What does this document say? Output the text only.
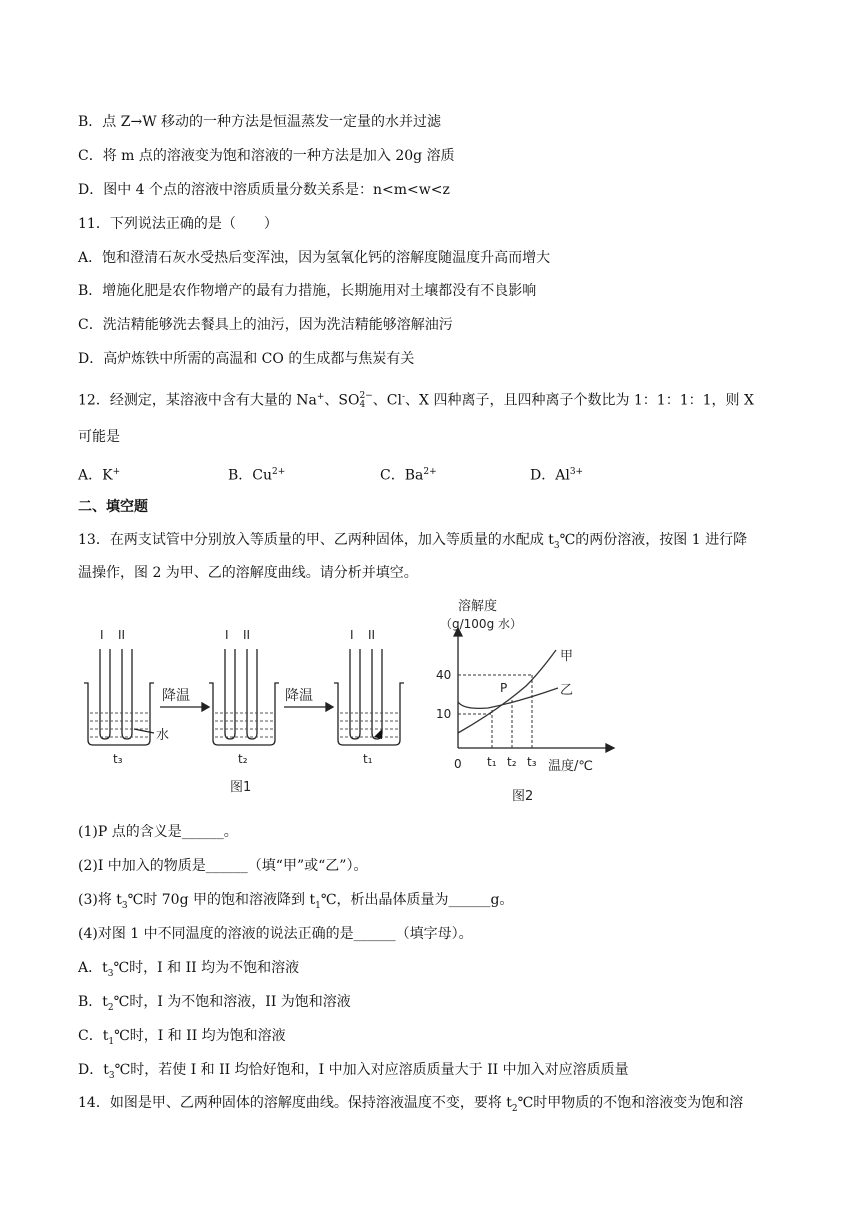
B．点 Z→W 移动的一种方法是恒温蒸发一定量的水并过滤
C．将 m 点的溶液变为饱和溶液的一种方法是加入 20g 溶质
D．图中 4 个点的溶液中溶质质量分数关系是：n<m<w<z
11．下列说法正确的是（　　）
A．饱和澄清石灰水受热后变浑浊，因为氢氧化钙的溶解度随温度升高而增大
B．增施化肥是农作物增产的最有力措施，长期施用对土壤都没有不良影响
C．洗洁精能够洗去餐具上的油污，因为洗洁精能够溶解油污
D．高炉炼铁中所需的高温和 CO 的生成都与焦炭有关
12．经测定，某溶液中含有大量的 Na+、SO 2−
4 、Cl-、X 四种离子，且四种离子个数比为 1：1：1：1，则 X
可能是
A．K+	B．$Cu^{2+}$	C．$Ba^{2+}$	D．$Al^{3+}$
二、填空题
13．在两支试管中分别放入等质量的甲、乙两种固体，加入等质量的水配成 $t_3℃$的两份溶液，按图 1 进行降
温操作，图 2 为甲、乙的溶解度曲线。请分析并填空。
I II	I II	I II
降温	降温
水
t₃	t₂	t₁
图1
溶解度
（g/100g 水）
40
10
0 t₁ t₂ t₃ 温度/℃
P
甲
乙
图2
(1)P 点的含义是______。
(2)I 中加入的物质是______（填“甲”或“乙”）。
(3)将 $t_3℃$时 70g 甲的饱和溶液降到 $t_1℃$，析出晶体质量为______g。
(4)对图 1 中不同温度的溶液的说法正确的是______（填字母）。
A．$t_3℃$时，I 和 II 均为不饱和溶液
B．$t_2℃$时，I 为不饱和溶液，II 为饱和溶液
C．$t_1℃$时，I 和 II 均为饱和溶液
D．$t_3℃$时，若使 I 和 II 均恰好饱和，I 中加入对应溶质质量大于 II 中加入对应溶质质量
14．如图是甲、乙两种固体的溶解度曲线。保持溶液温度不变，要将 $t_2℃$时甲物质的不饱和溶液变为饱和溶
